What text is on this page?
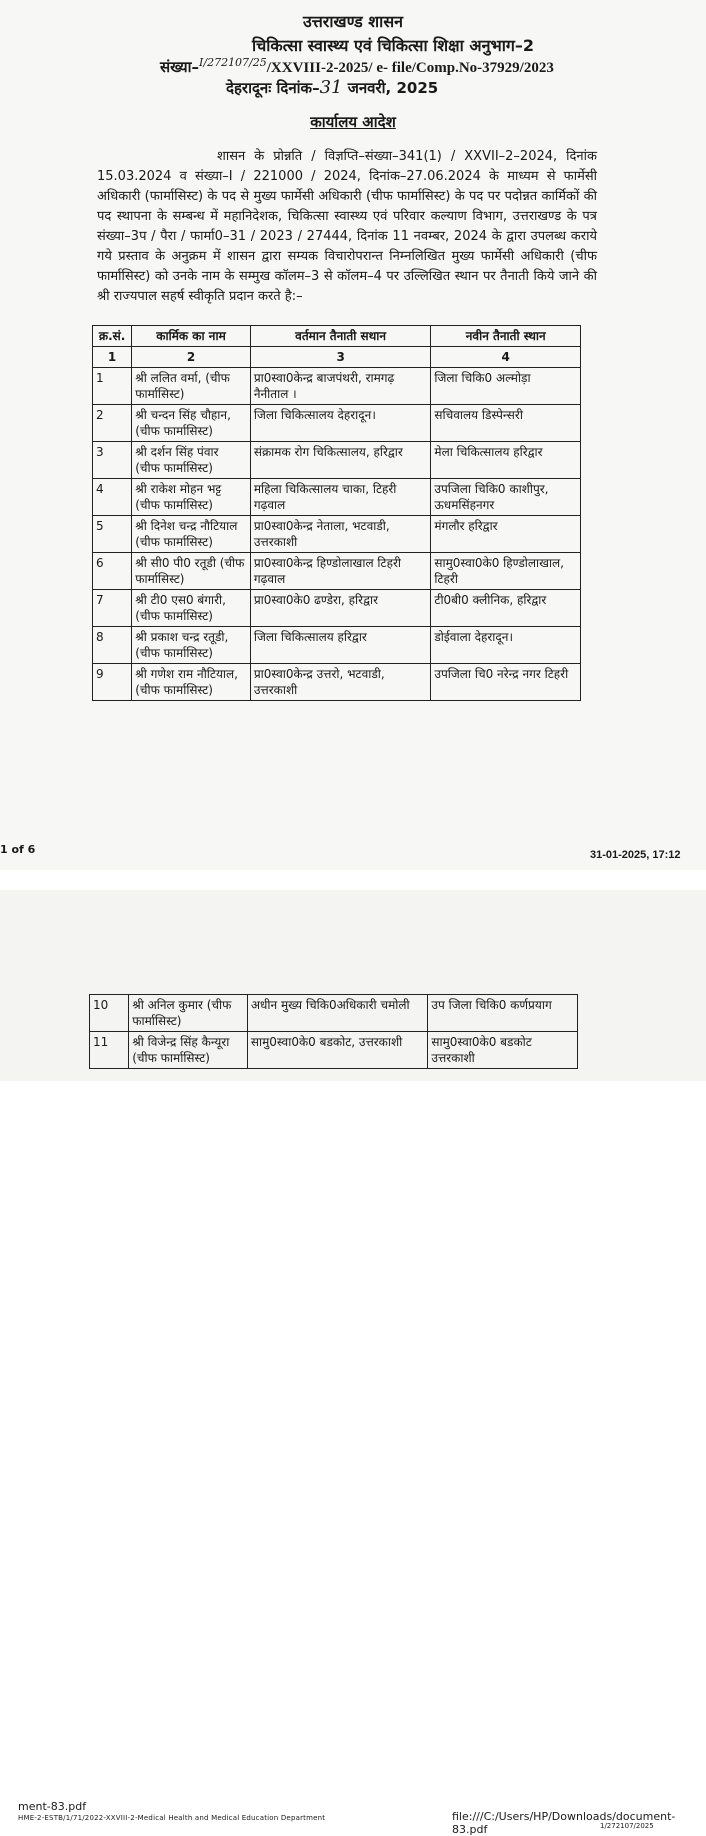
उत्तराखण्ड शासन
चिकित्सा स्वास्थ्य एवं चिकित्सा शिक्षा अनुभाग–2
संख्या–$^{I/272107/25}$/XXVIII-2-2025/ e- file/Comp.No-37929/2023
देहरादूनः दिनांक–31 जनवरी, 2025
कार्यालय आदेश

शासन के प्रोन्नति / विज्ञप्ति–संख्या–341(1) / XXVII–2–2024, दिनांक 15.03.2024 व संख्या–I / 221000 / 2024, दिनांक–27.06.2024 के माध्यम से फार्मेसी अधिकारी (फार्मासिस्ट) के पद से मुख्य फार्मेसी अधिकारी (चीफ फार्मासिस्ट) के पद पर पदोन्नत कार्मिकों की पद स्थापना के सम्बन्ध में महानिदेशक, चिकित्सा स्वास्थ्य एवं परिवार कल्याण विभाग, उत्तराखण्ड के पत्र संख्या–3प / पैरा / फार्मा0–31 / 2023 / 27444, दिनांक 11 नवम्बर, 2024 के द्वारा उपलब्ध कराये गये प्रस्ताव के अनुक्रम में शासन द्वारा सम्यक विचारोपरान्त निम्नलिखित मुख्य फार्मेसी अधिकारी (चीफ फार्मासिस्ट) को उनके नाम के सम्मुख कॉलम–3 से कॉलम–4 पर उल्लिखित स्थान पर तैनाती किये जाने की श्री राज्यपाल सहर्ष स्वीकृति प्रदान करते है:–

क्र.सं.	कार्मिक का नाम	वर्तमान तैनाती सथान	नवीन तैनाती स्थान
1	2	3	4
1	श्री ललित वर्मा, (चीफ फार्मासिस्ट)	प्रा0स्वा0केन्द्र बाजपंथरी, रामगढ़ नैनीताल ।	जिला चिकि0 अल्मोड़ा
2	श्री चन्दन सिंह चौहान, (चीफ फार्मासिस्ट)	जिला चिकित्सालय देहरादून।	सचिवालय डिस्पेन्सरी
3	श्री दर्शन सिंह पंवार (चीफ फार्मासिस्ट)	संक्रामक रोग चिकित्सालय, हरिद्वार	मेला चिकित्सालय हरिद्वार
4	श्री राकेश मोहन भट्ट (चीफ फार्मासिस्ट)	महिला चिकित्सालय चाका, टिहरी गढ़वाल	उपजिला चिकि0 काशीपुर, ऊधमसिंहनगर
5	श्री दिनेश चन्द्र नौटियाल (चीफ फार्मासिस्ट)	प्रा0स्वा0केन्द्र नेताला, भटवाडी, उत्तरकाशी	मंगलौर हरिद्वार
6	श्री सी0 पी0 रतूडी (चीफ फार्मासिस्ट)	प्रा0स्वा0केन्द्र हिण्डोलाखाल टिहरी गढ़वाल	सामु0स्वा0के0 हिण्डोलाखाल, टिहरी
7	श्री टी0 एस0 बंगारी, (चीफ फार्मासिस्ट)	प्रा0स्वा0के0 ढण्डेरा, हरिद्वार	टी0बी0 क्लीनिक, हरिद्वार
8	श्री प्रकाश चन्द्र रतूडी, (चीफ फार्मासिस्ट)	जिला चिकित्सालय हरिद्वार	डोईवाला देहरादून।
9	श्री गणेश राम नौटियाल, (चीफ फार्मासिस्ट)	प्रा0स्वा0केन्द्र उत्तरो, भटवाडी, उत्तरकाशी	उपजिला चि0 नरेन्द्र नगर टिहरी
1 of 6	31-01-2025, 17:12
ment-83.pdf
HME-2-ESTB/1/71/2022-XXVIII-2-Medical Health and Medical Education Department	file:///C:/Users/HP/Downloads/document-83.pdf	1/272107/2025
10	श्री अनिल कुमार (चीफ फार्मासिस्ट)	अधीन मुख्य चिकि0अधिकारी चमोली	उप जिला चिकि0 कर्णप्रयाग
11	श्री विजेन्द्र सिंह कैन्यूरा (चीफ फार्मासिस्ट)	सामु0स्वा0के0 बडकोट, उत्तरकाशी	सामु0स्वा0के0 बडकोट उत्तरकाशी
